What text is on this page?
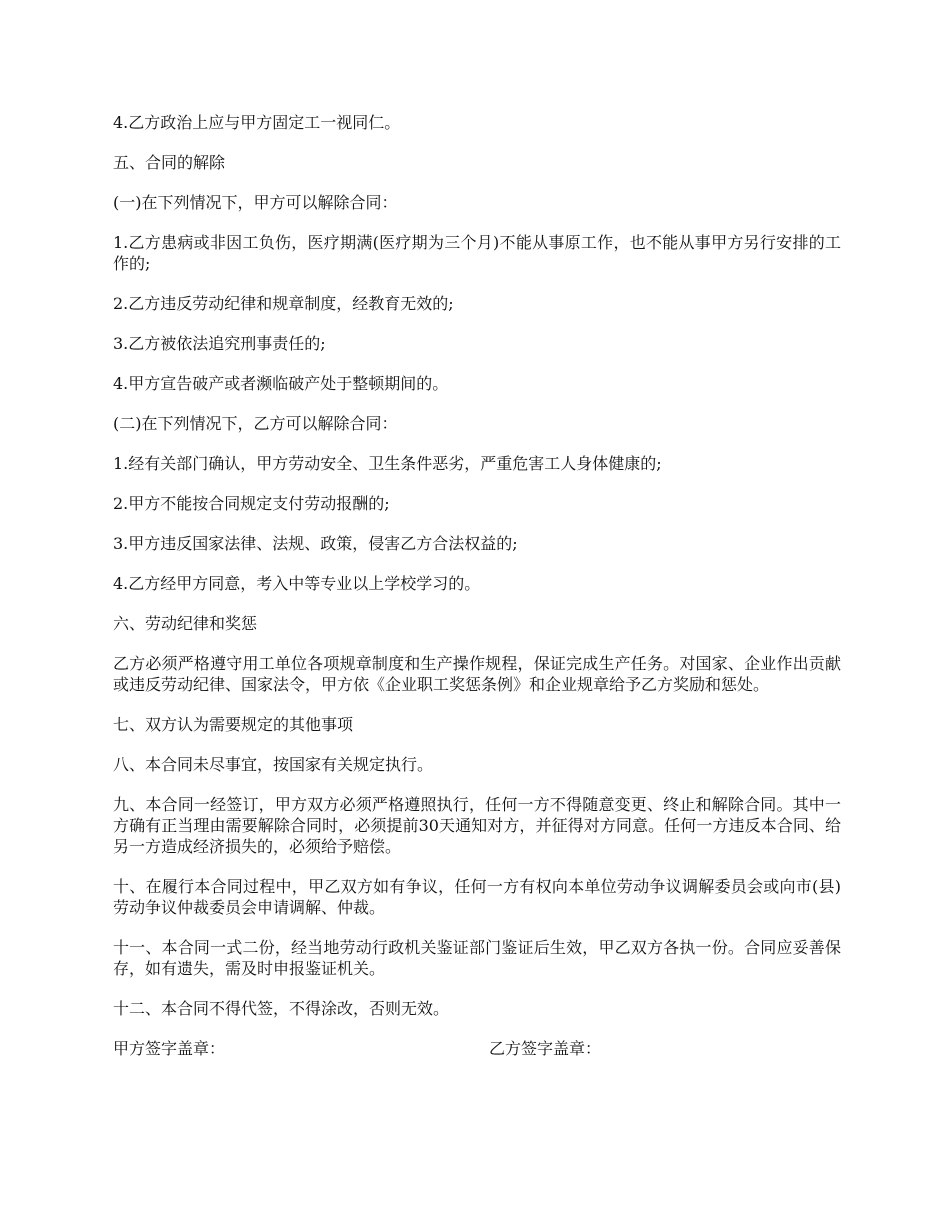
4.乙方政治上应与甲方固定工一视同仁。

五、合同的解除

(一)在下列情况下，甲方可以解除合同：

1.乙方患病或非因工负伤，医疗期满(医疗期为三个月)不能从事原工作，也不能从事甲方另行安排的工作的;

2.乙方违反劳动纪律和规章制度，经教育无效的;

3.乙方被依法追究刑事责任的;

4.甲方宣告破产或者濒临破产处于整顿期间的。

(二)在下列情况下，乙方可以解除合同：

1.经有关部门确认，甲方劳动安全、卫生条件恶劣，严重危害工人身体健康的;

2.甲方不能按合同规定支付劳动报酬的;

3.甲方违反国家法律、法规、政策，侵害乙方合法权益的;

4.乙方经甲方同意，考入中等专业以上学校学习的。

六、劳动纪律和奖惩

乙方必须严格遵守用工单位各项规章制度和生产操作规程，保证完成生产任务。对国家、企业作出贡献或违反劳动纪律、国家法令，甲方依《企业职工奖惩条例》和企业规章给予乙方奖励和惩处。

七、双方认为需要规定的其他事项

八、本合同未尽事宜，按国家有关规定执行。

九、本合同一经签订，甲方双方必须严格遵照执行，任何一方不得随意变更、终止和解除合同。其中一方确有正当理由需要解除合同时，必须提前30天通知对方，并征得对方同意。任何一方违反本合同、给另一方造成经济损失的，必须给予赔偿。

十、在履行本合同过程中，甲乙双方如有争议，任何一方有权向本单位劳动争议调解委员会或向市(县)劳动争议仲裁委员会申请调解、仲裁。

十一、本合同一式二份，经当地劳动行政机关鉴证部门鉴证后生效，甲乙双方各执一份。合同应妥善保存，如有遗失，需及时申报鉴证机关。

十二、本合同不得代签，不得涂改，否则无效。

甲方签字盖章：	乙方签字盖章：
